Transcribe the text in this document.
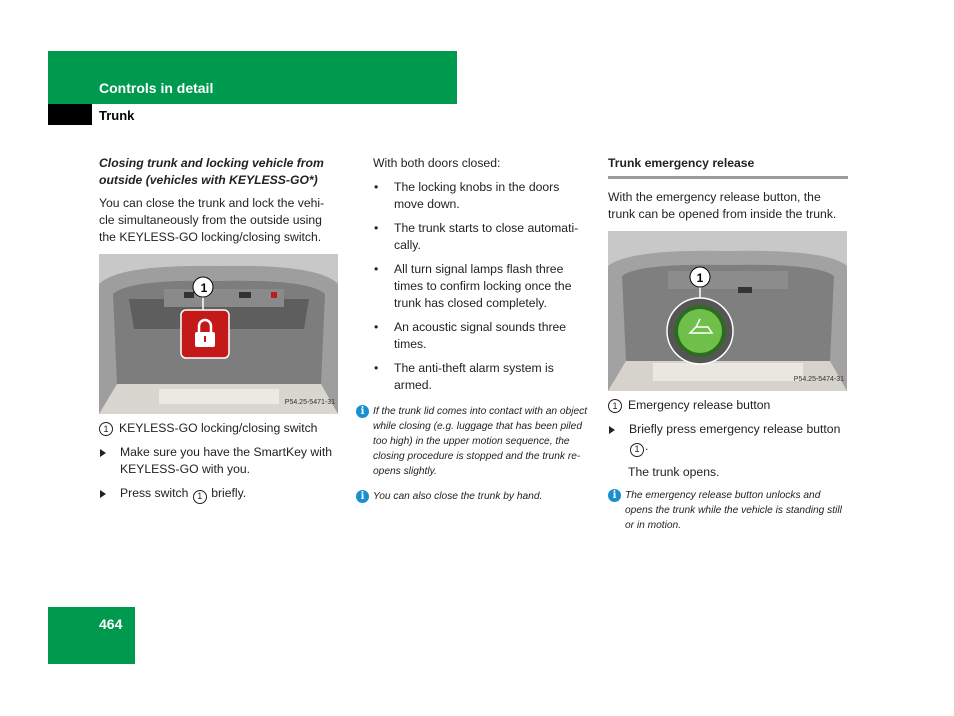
Controls in detail
Trunk

Closing trunk and locking vehicle from outside (vehicles with KEYLESS-GO*)

You can close the trunk and lock the vehi-cle simultaneously from the outside using the KEYLESS-GO locking/closing switch.

1
P54.25-5471-31
1 KEYLESS-GO locking/closing switch
Make sure you have the SmartKey with KEYLESS-GO with you.
Press switch 1 briefly.

With both doors closed:

•	The locking knobs in the doors move down.
•	The trunk starts to close automati-cally.
•	All turn signal lamps flash three times to confirm locking once the trunk has closed completely.
•	An acoustic signal sounds three times.
•	The anti-theft alarm system is armed.
i If the trunk lid comes into contact with an object while closing (e.g. luggage that has been piled too high) in the upper motion sequence, the closing procedure is stopped and the trunk re-opens slightly.
i You can also close the trunk by hand.
Trunk emergency release

With the emergency release button, the trunk can be opened from inside the trunk.

1
P54.25-5474-31
1 Emergency release button
Briefly press emergency release button 1 .

The trunk opens.

i The emergency release button unlocks and opens the trunk while the vehicle is standing still or in motion.
464
